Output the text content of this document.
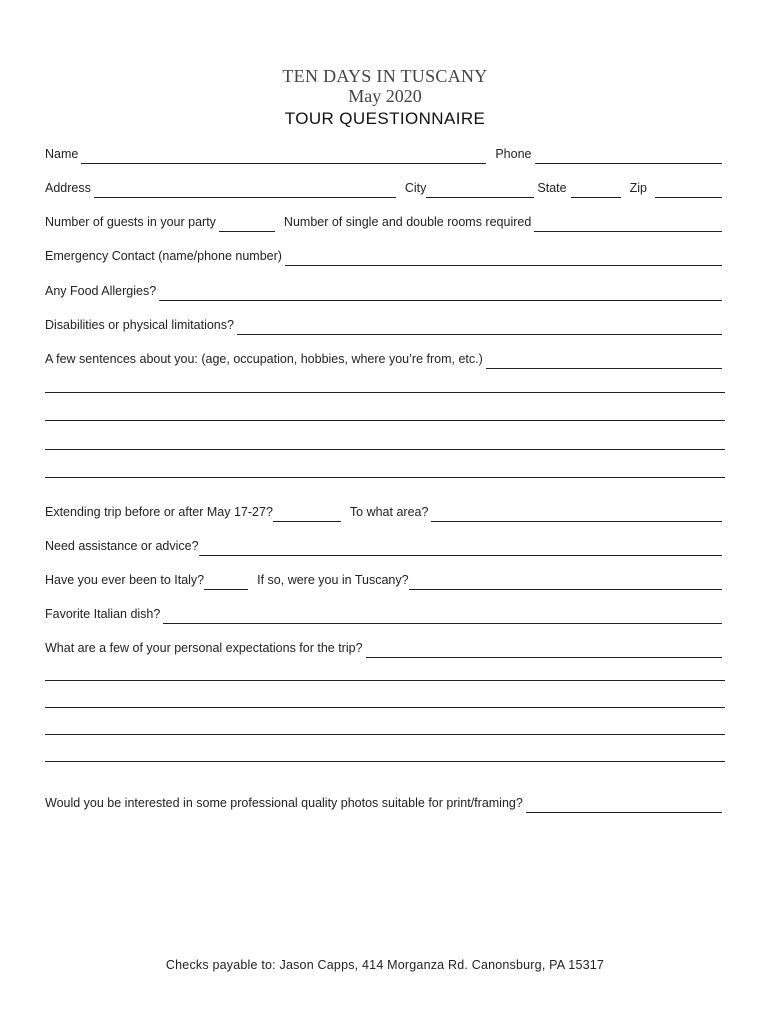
TEN DAYS IN TUSCANY
May 2020
TOUR QUESTIONNAIRE
Name	Phone
Address	City	State	Zip
Number of guests in your party	Number of single and double rooms required
Emergency Contact (name/phone number)
Any Food Allergies?
Disabilities or physical limitations?
A few sentences about you: (age, occupation, hobbies, where you’re from, etc.)
Extending trip before or after May 17-27?	To what area?
Need assistance or advice?
Have you ever been to Italy?	If so, were you in Tuscany?
Favorite Italian dish?
What are a few of your personal expectations for the trip?
Would you be interested in some professional quality photos suitable for print/framing?
Checks payable to: Jason Capps, 414 Morganza Rd. Canonsburg, PA 15317
